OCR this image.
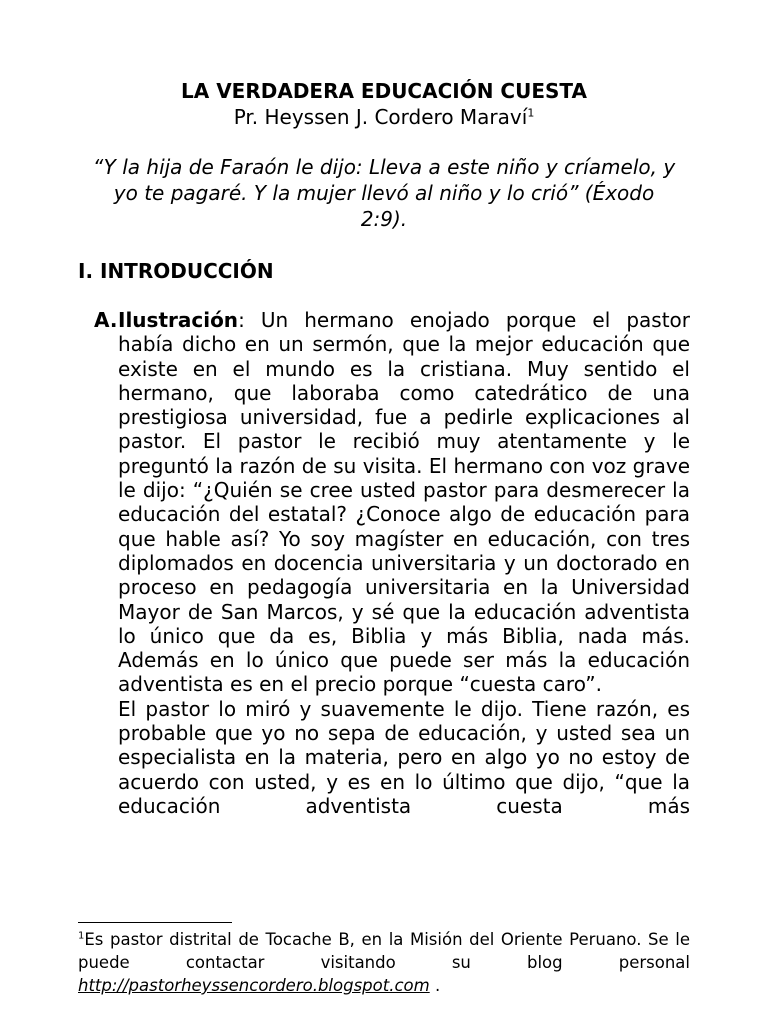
LA VERDADERA EDUCACIÓN CUESTA
Pr. Heyssen J. Cordero Maraví$^1$
“Y la hija de Faraón le dijo: Lleva a este niño y críamelo, y yo te pagaré. Y la mujer llevó al niño y lo crió” (Éxodo 2:9).
I. INTRODUCCIÓN
A. Ilustración: Un hermano enojado porque el pastor había dicho en un sermón, que la mejor educación que existe en el mundo es la cristiana. Muy sentido el hermano, que laboraba como catedrático de una prestigiosa universidad, fue a pedirle explicaciones al pastor. El pastor le recibió muy atentamente y le preguntó la razón de su visita. El hermano con voz grave le dijo: “¿Quién se cree usted pastor para desmerecer la educación del estatal? ¿Conoce algo de educación para que hable así? Yo soy magíster en educación, con tres diplomados en docencia universitaria y un doctorado en proceso en pedagogía universitaria en la Universidad Mayor de San Marcos, y sé que la educación adventista lo único que da es, Biblia y más Biblia, nada más. Además en lo único que puede ser más la educación adventista es en el precio porque “cuesta caro”.

El pastor lo miró y suavemente le dijo. Tiene razón, es probable que yo no sepa de educación, y usted sea un especialista en la materia, pero en algo yo no estoy de acuerdo con usted, y es en lo último que dijo, “que la educación adventista cuesta más

$^1$Es pastor distrital de Tocache B, en la Misión del Oriente Peruano. Se le puede contactar visitando su blog personal http://pastorheyssencordero.blogspot.com .
